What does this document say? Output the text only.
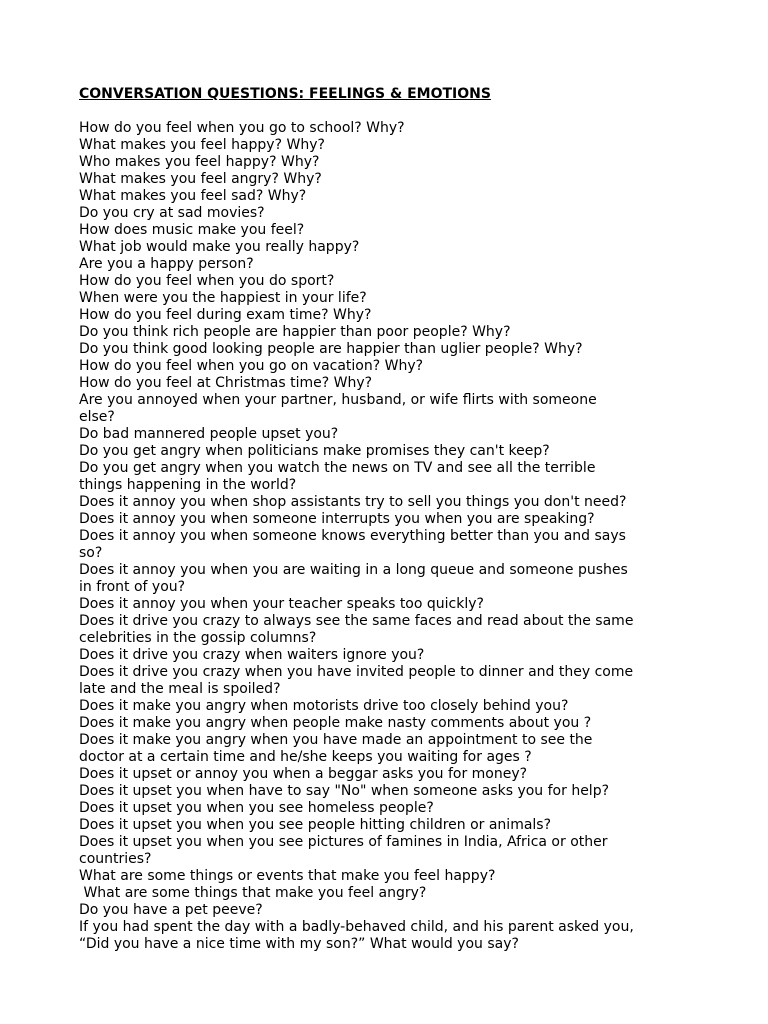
CONVERSATION QUESTIONS: FEELINGS & EMOTIONS
How do you feel when you go to school? Why?
What makes you feel happy? Why?
Who makes you feel happy? Why?
What makes you feel angry? Why?
What makes you feel sad? Why?
Do you cry at sad movies?
How does music make you feel?
What job would make you really happy?
Are you a happy person?
How do you feel when you do sport?
When were you the happiest in your life?
How do you feel during exam time? Why?
Do you think rich people are happier than poor people? Why?
Do you think good looking people are happier than uglier people? Why?
How do you feel when you go on vacation? Why?
How do you feel at Christmas time? Why?
Are you annoyed when your partner, husband, or wife flirts with someone
else?
Do bad mannered people upset you?
Do you get angry when politicians make promises they can't keep?
Do you get angry when you watch the news on TV and see all the terrible
things happening in the world?
Does it annoy you when shop assistants try to sell you things you don't need?
Does it annoy you when someone interrupts you when you are speaking?
Does it annoy you when someone knows everything better than you and says
so?
Does it annoy you when you are waiting in a long queue and someone pushes
in front of you?
Does it annoy you when your teacher speaks too quickly?
Does it drive you crazy to always see the same faces and read about the same
celebrities in the gossip columns?
Does it drive you crazy when waiters ignore you?
Does it drive you crazy when you have invited people to dinner and they come
late and the meal is spoiled?
Does it make you angry when motorists drive too closely behind you?
Does it make you angry when people make nasty comments about you ?
Does it make you angry when you have made an appointment to see the
doctor at a certain time and he/she keeps you waiting for ages ?
Does it upset or annoy you when a beggar asks you for money?
Does it upset you when have to say "No" when someone asks you for help?
Does it upset you when you see homeless people?
Does it upset you when you see people hitting children or animals?
Does it upset you when you see pictures of famines in India, Africa or other
countries?
What are some things or events that make you feel happy?
What are some things that make you feel angry?
Do you have a pet peeve?
If you had spent the day with a badly-behaved child, and his parent asked you,
“Did you have a nice time with my son?” What would you say?
